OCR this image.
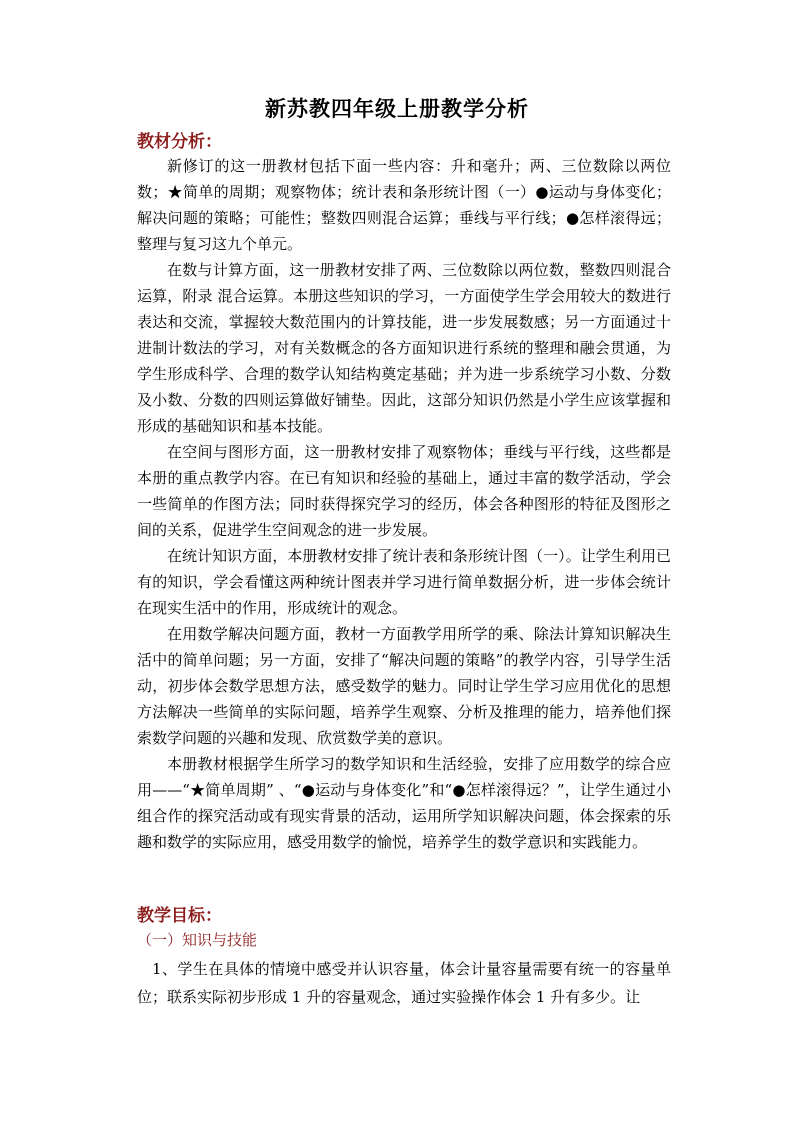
新苏教四年级上册教学分析
教材分析：

新修订的这一册教材包括下面一些内容：升和毫升；两、三位数除以两位数；★简单的周期；观察物体；统计表和条形统计图（一）●运动与身体变化；解决问题的策略；可能性；整数四则混合运算；垂线与平行线；●怎样滚得远；整理与复习这九个单元。

在数与计算方面，这一册教材安排了两、三位数除以两位数，整数四则混合运算，附录 混合运算。本册这些知识的学习，一方面使学生学会用较大的数进行表达和交流，掌握较大数范围内的计算技能，进一步发展数感；另一方面通过十进制计数法的学习，对有关数概念的各方面知识进行系统的整理和融会贯通，为学生形成科学、合理的数学认知结构奠定基础；并为进一步系统学习小数、分数及小数、分数的四则运算做好铺垫。因此，这部分知识仍然是小学生应该掌握和形成的基础知识和基本技能。

在空间与图形方面，这一册教材安排了观察物体；垂线与平行线，这些都是本册的重点教学内容。在已有知识和经验的基础上，通过丰富的数学活动，学会一些简单的作图方法；同时获得探究学习的经历，体会各种图形的特征及图形之间的关系，促进学生空间观念的进一步发展。

在统计知识方面，本册教材安排了统计表和条形统计图（一）。让学生利用已有的知识，学会看懂这两种统计图表并学习进行简单数据分析，进一步体会统计在现实生活中的作用，形成统计的观念。

在用数学解决问题方面，教材一方面教学用所学的乘、除法计算知识解决生活中的简单问题；另一方面，安排了“解决问题的策略”的教学内容，引导学生活动，初步体会数学思想方法，感受数学的魅力。同时让学生学习应用优化的思想方法解决一些简单的实际问题，培养学生观察、分析及推理的能力，培养他们探索数学问题的兴趣和发现、欣赏数学美的意识。

本册教材根据学生所学习的数学知识和生活经验，安排了应用数学的综合应用——“★简单周期” 、“●运动与身体变化”和“●怎样滚得远？”，让学生通过小组合作的探究活动或有现实背景的活动，运用所学知识解决问题，体会探索的乐趣和数学的实际应用，感受用数学的愉悦，培养学生的数学意识和实践能力。

教学目标：
（一）知识与技能

1、学生在具体的情境中感受并认识容量，体会计量容量需要有统一的容量单位；联系实际初步形成 1 升的容量观念，通过实验操作体会 1 升有多少。让
